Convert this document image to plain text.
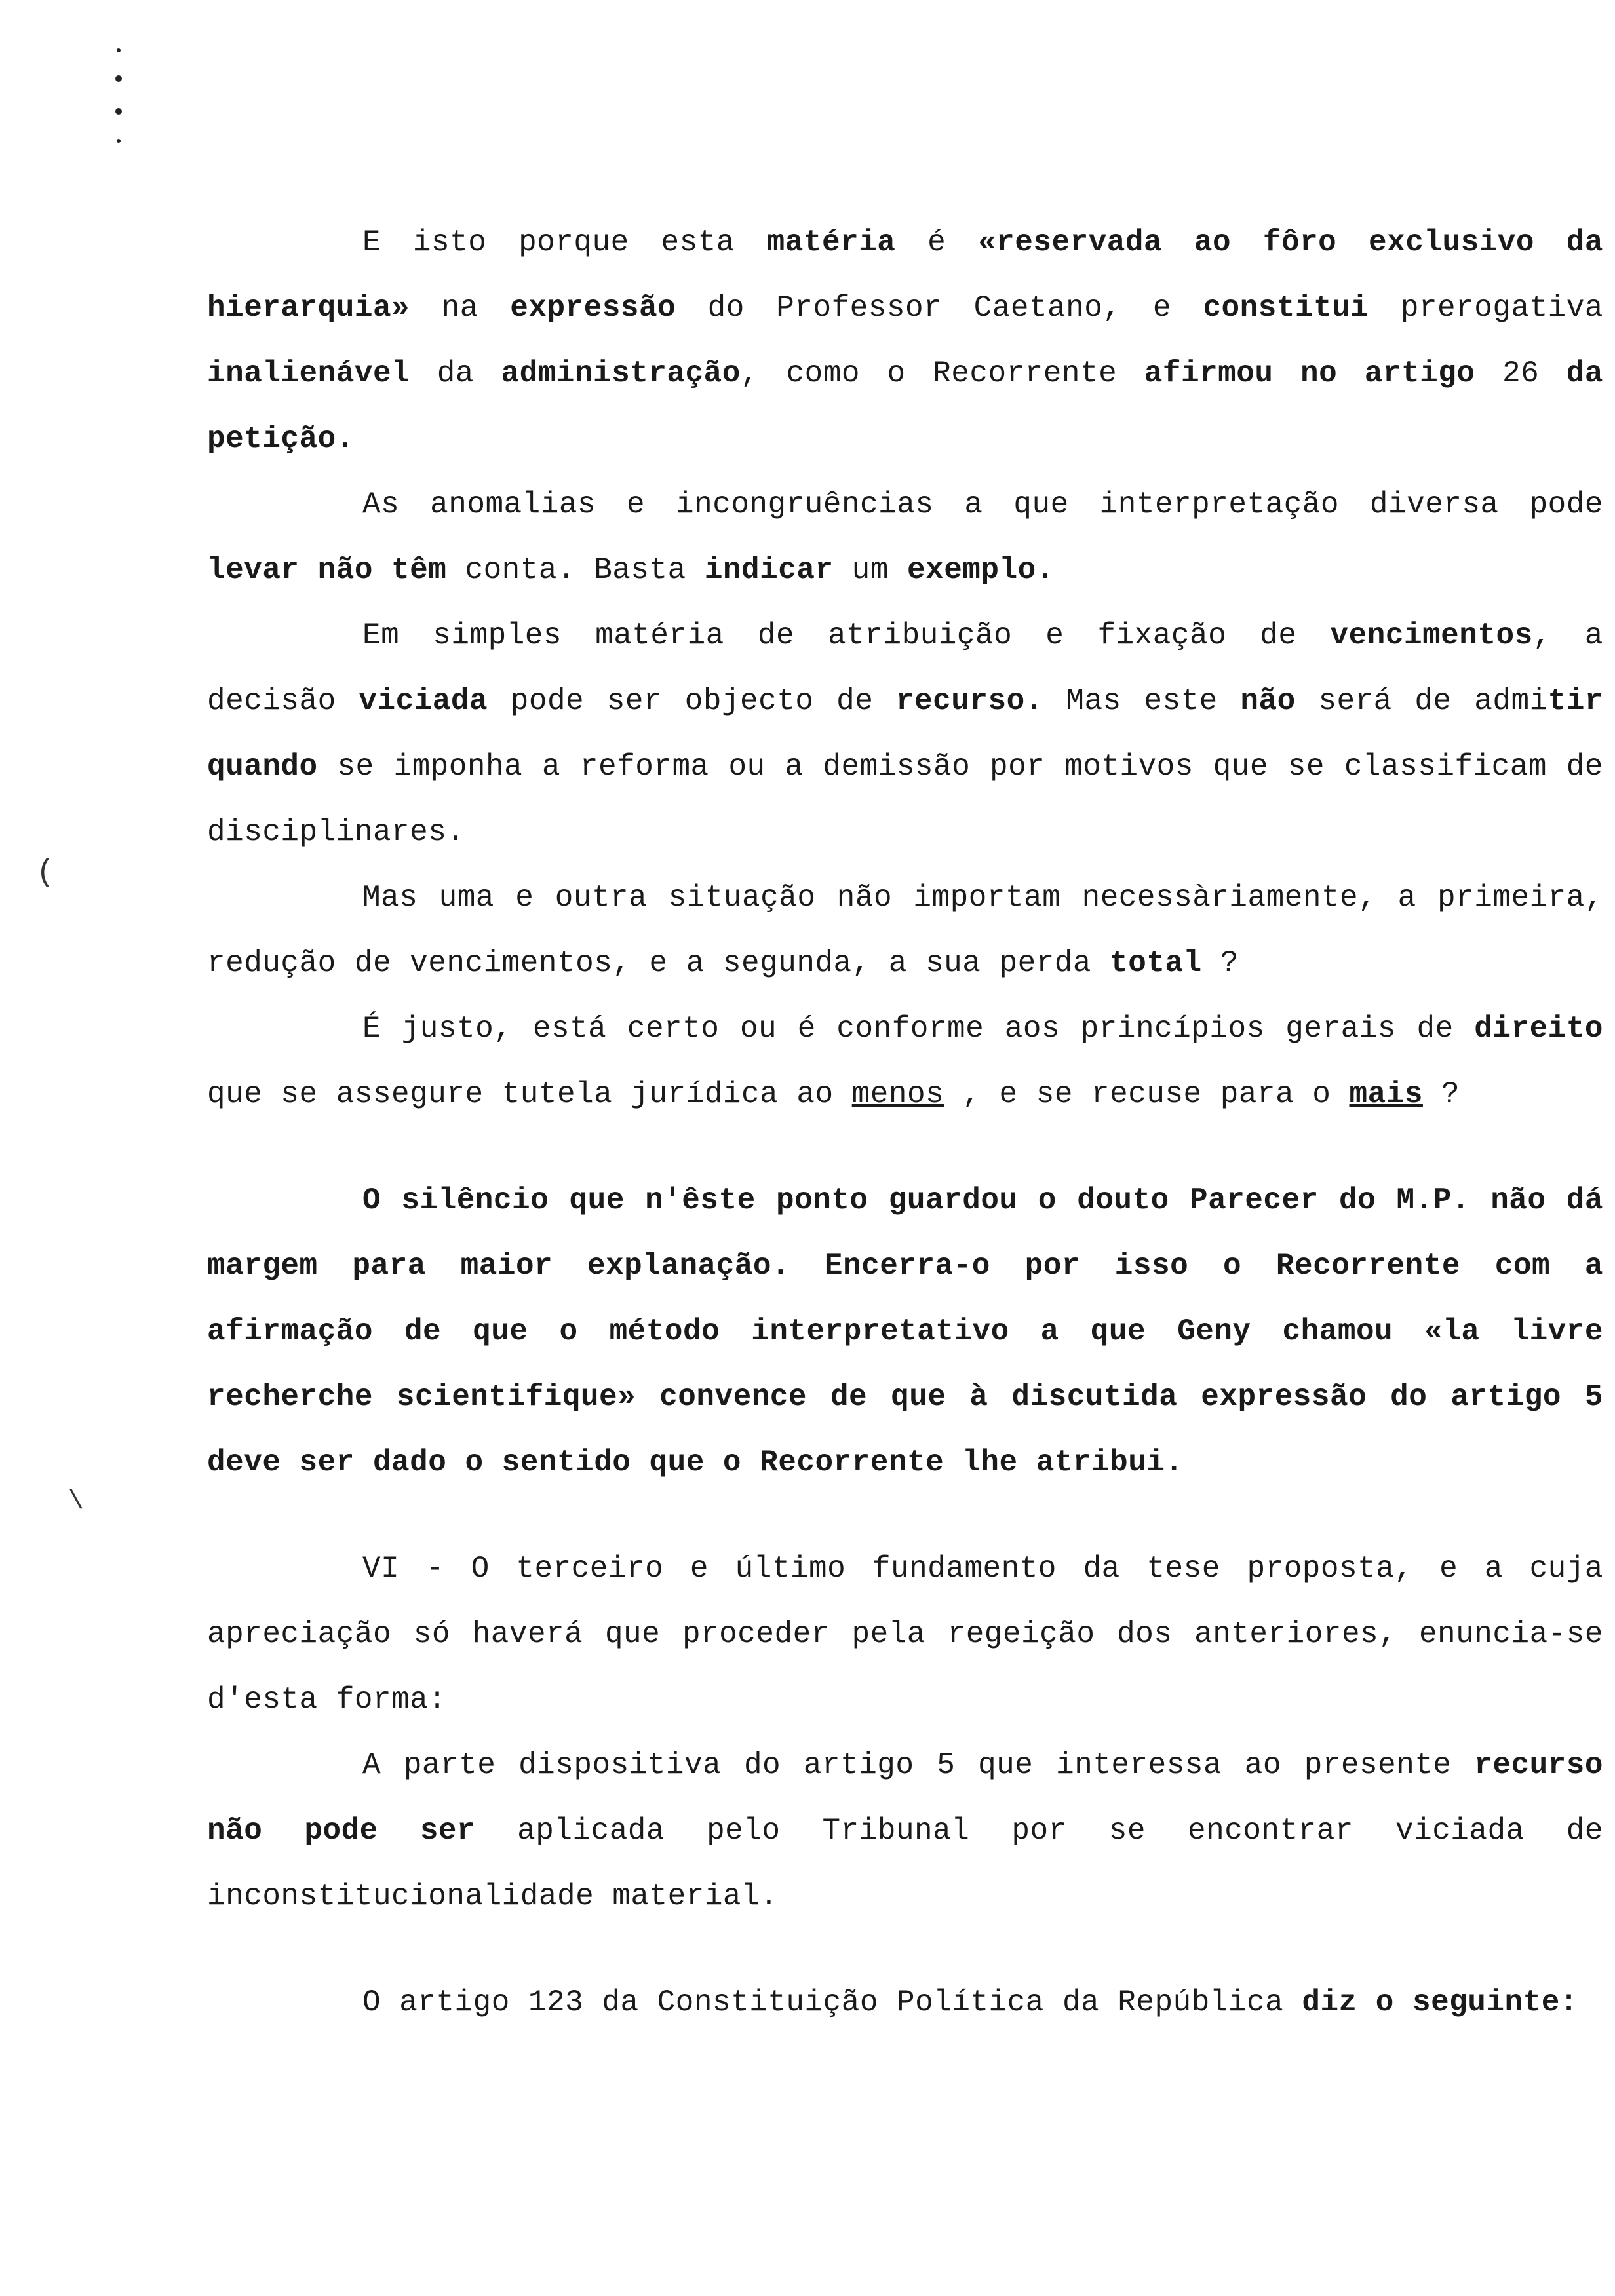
(
\

E isto porque esta matéria é «reservada ao fôro exclusivo da hierarquia» na expressão do Professor Caetano, e constitui prerogativa inalienável da administração, como o Recorrente afirmou no artigo 26 da petição.

As anomalias e incongruências a que interpretação diversa pode levar não têm conta. Basta indicar um exemplo.

Em simples matéria de atribuição e fixação de vencimentos, a decisão viciada pode ser objecto de recurso. Mas este não será de admitir quando se imponha a reforma ou a demissão por motivos que se classificam de disciplinares.

Mas uma e outra situação não importam necessàriamente, a primeira, redução de vencimentos, e a segunda, a sua perda total ?

É justo, está certo ou é conforme aos princípios gerais de direito que se assegure tutela jurídica ao menos , e se recuse para o mais ?

O silêncio que n'êste ponto guardou o douto Parecer do M.P. não dá margem para maior explanação. Encerra-o por isso o Recorrente com a afirmação de que o método interpretativo a que Geny chamou «la livre recherche scientifique» convence de que à discutida expressão do artigo 5 deve ser dado o sentido que o Recorrente lhe atribui.

VI - O terceiro e último fundamento da tese proposta, e a cuja apreciação só haverá que proceder pela regeição dos anteriores, enuncia-se d'esta forma:

A parte dispositiva do artigo 5 que interessa ao presente recurso não pode ser aplicada pelo Tribunal por se encontrar viciada de inconstitucionalidade material.

O artigo 123 da Constituição Política da República diz o seguinte:
